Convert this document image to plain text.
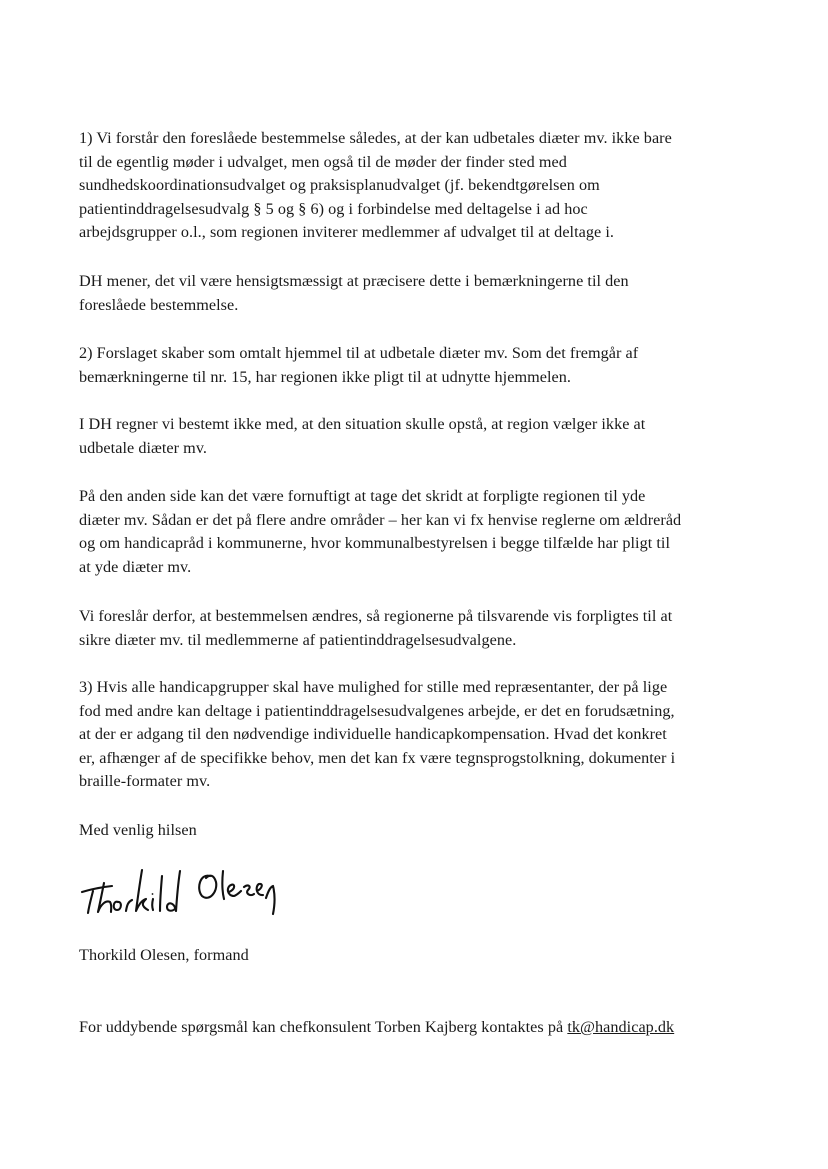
1) Vi forstår den foreslåede bestemmelse således, at der kan udbetales diæter mv. ikke bare
til de egentlig møder i udvalget, men også til de møder der finder sted med
sundhedskoordinationsudvalget og praksisplanudvalget (jf. bekendtgørelsen om
patientinddragelsesudvalg § 5 og § 6) og i forbindelse med deltagelse i ad hoc
arbejdsgrupper o.l., som regionen inviterer medlemmer af udvalget til at deltage i.

DH mener, det vil være hensigtsmæssigt at præcisere dette i bemærkningerne til den
foreslåede bestemmelse.

2) Forslaget skaber som omtalt hjemmel til at udbetale diæter mv. Som det fremgår af
bemærkningerne til nr. 15, har regionen ikke pligt til at udnytte hjemmelen.

I DH regner vi bestemt ikke med, at den situation skulle opstå, at region vælger ikke at
udbetale diæter mv.

På den anden side kan det være fornuftigt at tage det skridt at forpligte regionen til yde
diæter mv. Sådan er det på flere andre områder – her kan vi fx henvise reglerne om ældreråd
og om handicapråd i kommunerne, hvor kommunalbestyrelsen i begge tilfælde har pligt til
at yde diæter mv.

Vi foreslår derfor, at bestemmelsen ændres, så regionerne på tilsvarende vis forpligtes til at
sikre diæter mv. til medlemmerne af patientinddragelsesudvalgene.

3) Hvis alle handicapgrupper skal have mulighed for stille med repræsentanter, der på lige
fod med andre kan deltage i patientinddragelsesudvalgenes arbejde, er det en forudsætning,
at der er adgang til den nødvendige individuelle handicapkompensation. Hvad det konkret
er, afhænger af de specifikke behov, men det kan fx være tegnsprogstolkning, dokumenter i
braille-formater mv.

Med venlig hilsen

Thorkild Olesen, formand

For uddybende spørgsmål kan chefkonsulent Torben Kajberg kontaktes på tk@handicap.dk
